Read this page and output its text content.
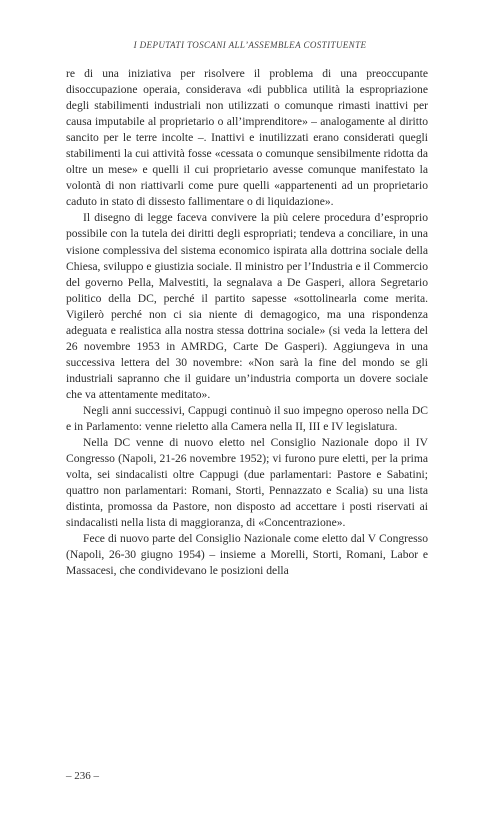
I DEPUTATI TOSCANI ALL’ASSEMBLEA COSTITUENTE

re di una iniziativa per risolvere il problema di una preoccupante disoccupazione operaia, considerava «di pubblica utilità la espropriazione degli stabilimenti industriali non utilizzati o comunque rimasti inattivi per causa imputabile al proprietario o all’imprenditore» – analogamente al diritto sancito per le terre incolte –. Inattivi e inutilizzati erano considerati quegli stabilimenti la cui attività fosse «cessata o comunque sensibilmente ridotta da oltre un mese» e quelli il cui proprietario avesse comunque manifestato la volontà di non riattivarli come pure quelli «appartenenti ad un proprietario caduto in stato di dissesto fallimentare o di liquidazione».

Il disegno di legge faceva convivere la più celere procedura d’esproprio possibile con la tutela dei diritti degli espropriati; tendeva a conciliare, in una visione complessiva del sistema economico ispirata alla dottrina sociale della Chiesa, sviluppo e giustizia sociale. Il ministro per l’Industria e il Commercio del governo Pella, Malvestiti, la segnalava a De Gasperi, allora Segretario politico della DC, perché il partito sapesse «sottolinearla come merita. Vigilerò perché non ci sia niente di demagogico, ma una rispondenza adeguata e realistica alla nostra stessa dottrina sociale» (si veda la lettera del 26 novembre 1953 in AMRDG, Carte De Gasperi). Aggiungeva in una successiva lettera del 30 novembre: «Non sarà la fine del mondo se gli industriali sapranno che il guidare un’industria comporta un dovere sociale che va attentamente meditato».

Negli anni successivi, Cappugi continuò il suo impegno operoso nella DC e in Parlamento: venne rieletto alla Camera nella II, III e IV legislatura.

Nella DC venne di nuovo eletto nel Consiglio Nazionale dopo il IV Congresso (Napoli, 21-26 novembre 1952); vi furono pure eletti, per la prima volta, sei sindacalisti oltre Cappugi (due parlamentari: Pastore e Sabatini; quattro non parlamentari: Romani, Storti, Pennazzato e Scalia) su una lista distinta, promossa da Pastore, non disposto ad accettare i posti riservati ai sindacalisti nella lista di maggioranza, di «Concentrazione».

Fece di nuovo parte del Consiglio Nazionale come eletto dal V Congresso (Napoli, 26-30 giugno 1954) – insieme a Morelli, Storti, Romani, Labor e Massacesi, che condividevano le posizioni della

– 236 –
